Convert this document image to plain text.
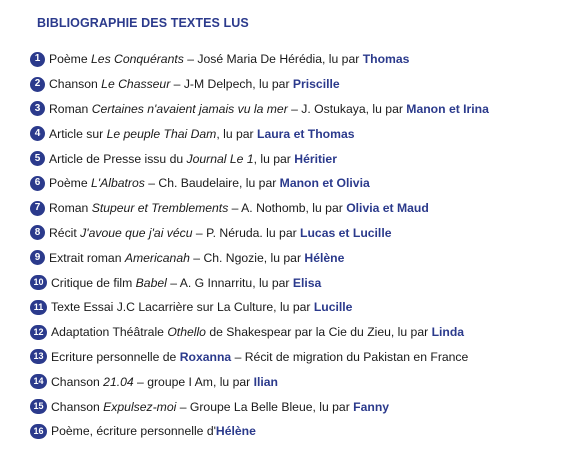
BIBLIOGRAPHIE DES TEXTES LUS
1 Poème Les Conquérants – José Maria De Hérédia, lu par Thomas
2 Chanson Le Chasseur – J-M Delpech, lu par Priscille
3 Roman Certaines n'avaient jamais vu la mer – J. Ostukaya, lu par Manon et Irina
4 Article sur Le peuple Thai Dam, lu par Laura et Thomas
5 Article de Presse issu du Journal Le 1, lu par Héritier
6 Poème L'Albatros – Ch. Baudelaire, lu par Manon et Olivia
7 Roman Stupeur et Tremblements – A. Nothomb, lu par Olivia et Maud
8 Récit J'avoue que j'ai vécu – P. Néruda. lu par Lucas et Lucille
9 Extrait roman Americanah – Ch. Ngozie, lu par Hélène
10 Critique de film Babel – A. G Innarritu, lu par Elisa
11 Texte Essai J.C Lacarrière sur La Culture, lu par Lucille
12 Adaptation Théâtrale Othello de Shakespear par la Cie du Zieu, lu par Linda
13 Ecriture personnelle de Roxanna – Récit de migration du Pakistan en France
14 Chanson 21.04 – groupe I Am, lu par Ilian
15 Chanson Expulsez-moi – Groupe La Belle Bleue, lu par Fanny
16 Poème, écriture personnelle d'Hélène
